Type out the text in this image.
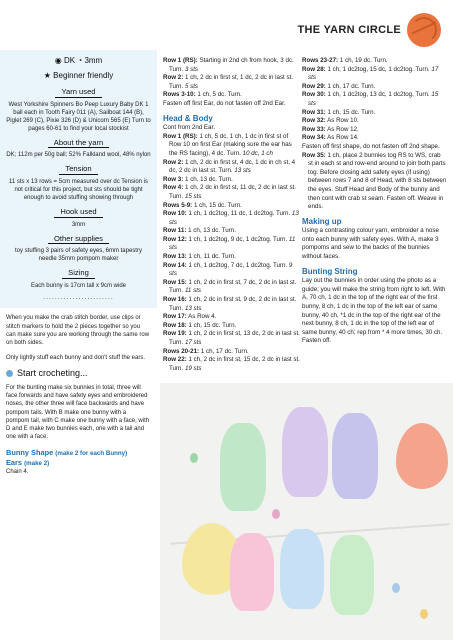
THE YARN CIRCLE
◉ DK ◔ 3mm
★ Beginner friendly
Yarn used
West Yorkshire Spinners Bo Peep Luxury Baby DK 1 ball each in Tooth Fairy 011 (A), Sailboat 144 (B), Piglet 269 (C), Pixie 326 (D) & Unicorn 565 (E) Turn to pages 60-61 to find your local stockist
About the yarn
DK; 112m per 50g ball; 52% Falkland wool, 48% nylon
Tension
11 sts x 13 rows = 5cm measured over dc Tension is not critical for this project, but sts should be tight enough to avoid stuffing showing through
Hook used
3mm
Other supplies
toy stuffing 3 pairs of safety eyes, 6mm tapestry needle 35mm pompom maker
Sizing
Each bunny is 17cm tall x 9cm wide
........................

When you make the crab stitch border, use clips or stitch markers to hold the 2 pieces together so you can make sure you are working through the same row on both sides.

Only lightly stuff each bunny and don't stuff the ears.

Start crocheting...

For the bunting make six bunnies in total, three will face forwards and have safety eyes and embroidered noses, the other three will face backwards and have pompom tails. With B make one bunny with a pompom tail, with C make one bunny with a face, with D and E make two bunnies each, one with a tail and one with a face.

Bunny Shape (make 2 for each Bunny)
Ears (make 2)
Chain 4.

Row 1 (RS): Starting in 2nd ch from hook, 3 dc. Turn. 3 sts

Row 2: 1 ch, 2 dc in first st, 1 dc, 2 dc in last st. Turn. 5 sts

Rows 3-10: 1 ch, 5 dc. Turn.

Fasten off first Ear, do not fasten off 2nd Ear.
Head & Body
Cont from 2nd Ear.

Row 1 (RS): 1 ch, 5 dc, 1 ch, 1 dc in first st of Row 10 on first Ear (making sure the ear has the RS facing), 4 dc. Turn. 10 dc, 1 ch

Row 2: 1 ch, 2 dc in first st, 4 dc, 1 dc in ch st, 4 dc, 2 dc in last st. Turn. 13 sts

Row 3: 1 ch, 13 dc. Turn.

Row 4: 1 ch, 2 dc in first st, 11 dc, 2 dc in last st. Turn. 15 sts

Rows 5-9: 1 ch, 15 dc. Turn.

Row 10: 1 ch, 1 dc2tog, 11 dc, 1 dc2tog. Turn. 13 sts

Row 11: 1 ch, 13 dc. Turn.

Row 12: 1 ch, 1 dc2tog, 9 dc, 1 dc2tog. Turn. 11 sts

Row 13: 1 ch, 11 dc. Turn.

Row 14: 1 ch, 1 dc2tog, 7 dc, 1 dc2tog. Turn. 9 sts

Row 15: 1 ch, 2 dc in first st, 7 dc, 2 dc in last st. Turn. 11 sts

Row 16: 1 ch, 2 dc in first st, 9 dc, 2 dc in last st. Turn. 13 sts

Row 17: As Row 4.

Row 18: 1 ch, 15 dc. Turn.

Row 19: 1 ch, 2 dc in first st, 13 dc, 2 dc in last st. Turn. 17 sts

Rows 20-21: 1 ch, 17 dc. Turn.

Row 22: 1 ch, 2 dc in first st, 15 dc, 2 dc in last st. Turn. 19 sts

Rows 23-27: 1 ch, 19 dc. Turn.

Row 28: 1 ch, 1 dc2tog, 15 dc, 1 dc2tog. Turn. 17 sts

Row 29: 1 ch, 17 dc. Turn.

Row 30: 1 ch, 1 dc2tog, 13 dc, 1 dc2tog. Turn. 15 sts

Row 31: 1 ch, 15 dc. Turn.

Row 32: As Row 10.

Row 33: As Row 12.

Row 34: As Row 14.

Fasten off first shape, do not fasten off 2nd shape.

Row 35: 1 ch, place 2 bunnies tog RS to WS, crab st in each st and row-end around to join both parts tog. Before closing add safety eyes (if using) between rows 7 and 8 of Head, with 8 sts between the eyes. Stuff Head and Body of the bunny and then cont with crab st seam. Fasten off. Weave in ends.

Making up
Using a contrasting colour yarn, embroider a nose onto each bunny with safety eyes. With A, make 3 pompoms and sew to the backs of the bunnies without faces.
Bunting String
Lay out the bunnies in order using the photo as a guide; you will make the string from right to left. With A, 70 ch, 1 dc in the top of the right ear of the first bunny, 8 ch, 1 dc in the top of the left ear of same bunny, 40 ch, *1 dc in the top of the right ear of the next bunny, 8 ch, 1 dc in the top of the left ear of same bunny, 40 ch; rep from * 4 more times, 30 ch. Fasten off.
